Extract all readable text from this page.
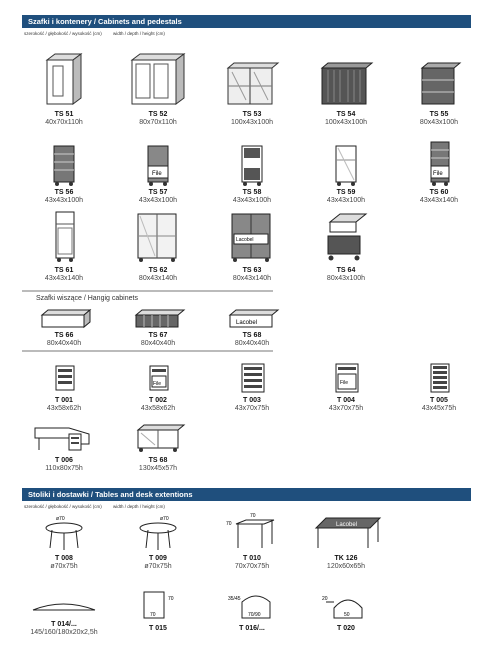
Szafki i kontenery / Cabinets and pedestals
szerokość / głębokość / wysokość (cm)	width / depth / height (cm)
TS 51
40x70x110h
TS 52
80x70x110h
TS 53
100x43x100h
TS 54
100x43x100h
TS 55
80x43x100h
TS 56
43x43x100h
File
TS 57
43x43x100h
TS 58
43x43x100h
TS 59
43x43x100h
File
TS 60
43x43x140h
TS 61
43x43x140h
TS 62
80x43x140h
Lacobel
TS 63
80x43x140h
TS 64
80x43x100h
Szafki wiszące / Hangig cabinets
TS 66
80x40x40h
TS 67
80x40x40h
Lacobel
TS 68
80x40x40h
T 001
43x58x62h
File
T 002
43x58x62h
T 003
43x70x75h
File
T 004
43x70x75h
T 005
43x45x75h
T 006
110x80x75h
TS 68
130x45x57h
Stoliki i dostawki / Tables and desk extentions
szerokość / głębokość / wysokość (cm)	width / depth / height (cm)
ø70
T 008
ø70x75h
ø70
T 009
ø70x75h
70
70
T 010
70x70x75h
Lacobel
TK 126
120x60x65h
T 014/...
145/160/180x20x2,5h
70
70
T 015
35/45
70/90
T 016/...
20
50
T 020
